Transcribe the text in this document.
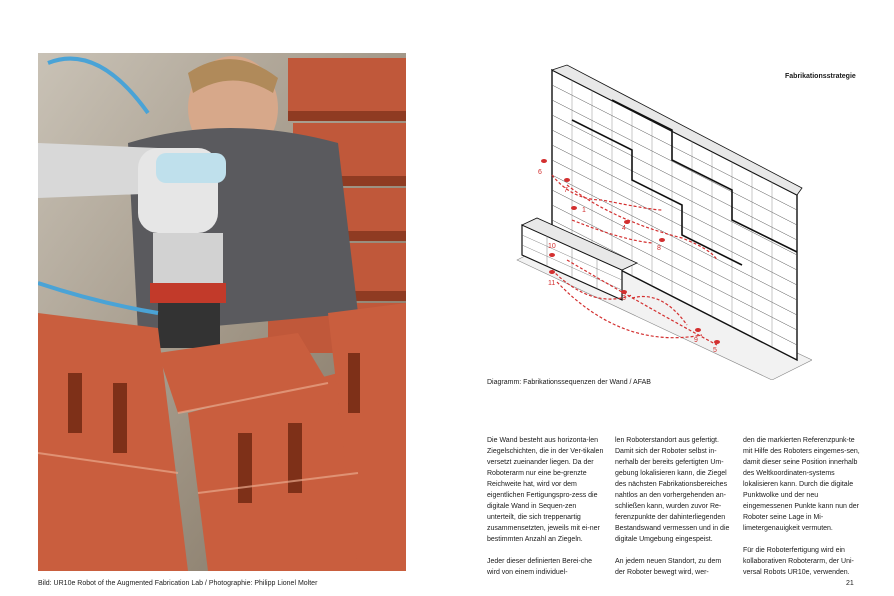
Bild: UR10e Robot of the Augmented Fabrication Lab / Photographie: Philipp Lionel Molter
Fabrikationsstrategie
6
7
1
4
8
10
11
3
9
5
Diagramm: Fabrikationssequenzen der Wand / AFAB

Die Wand besteht aus horizonta-len Ziegelschichten, die in der Ver-tikalen versetzt zueinander liegen. Da der Roboterarm nur eine be-grenzte Reichweite hat, wird vor dem eigentlichen Fertigungspro-zess die digitale Wand in Sequen-zen unterteilt, die sich treppenartig zusammensetzten, jeweils mit ei-ner bestimmten Anzahl an Ziegeln.

Jeder dieser definierten Berei-che wird von einem individuel-

len Roboterstandort aus gefertigt. Damit sich der Roboter selbst in-nerhalb der bereits gefertigten Um-gebung lokalisieren kann, die Ziegel des nächsten Fabrikationsbereiches nahtlos an den vorhergehenden an-schließen kann, wurden zuvor Re-ferenzpunkte der dahinterliegenden Bestandswand vermessen und in die digitale Umgebung eingespeist.

An jedem neuen Standort, zu dem der Roboter bewegt wird, wer-

den die markierten Referenzpunk-te mit Hilfe des Roboters eingemes-sen, damit dieser seine Position innerhalb des Weltkoordinaten-systems lokalisieren kann. Durch die digitale Punktwolke und der neu eingemessenen Punkte kann nun der Roboter seine Lage in Mi-limetergenauigkeit vermuten.

Für die Roboterfertigung wird ein kollaborativen Roboterarm, der Uni-versal Robots UR10e, verwenden.

21
